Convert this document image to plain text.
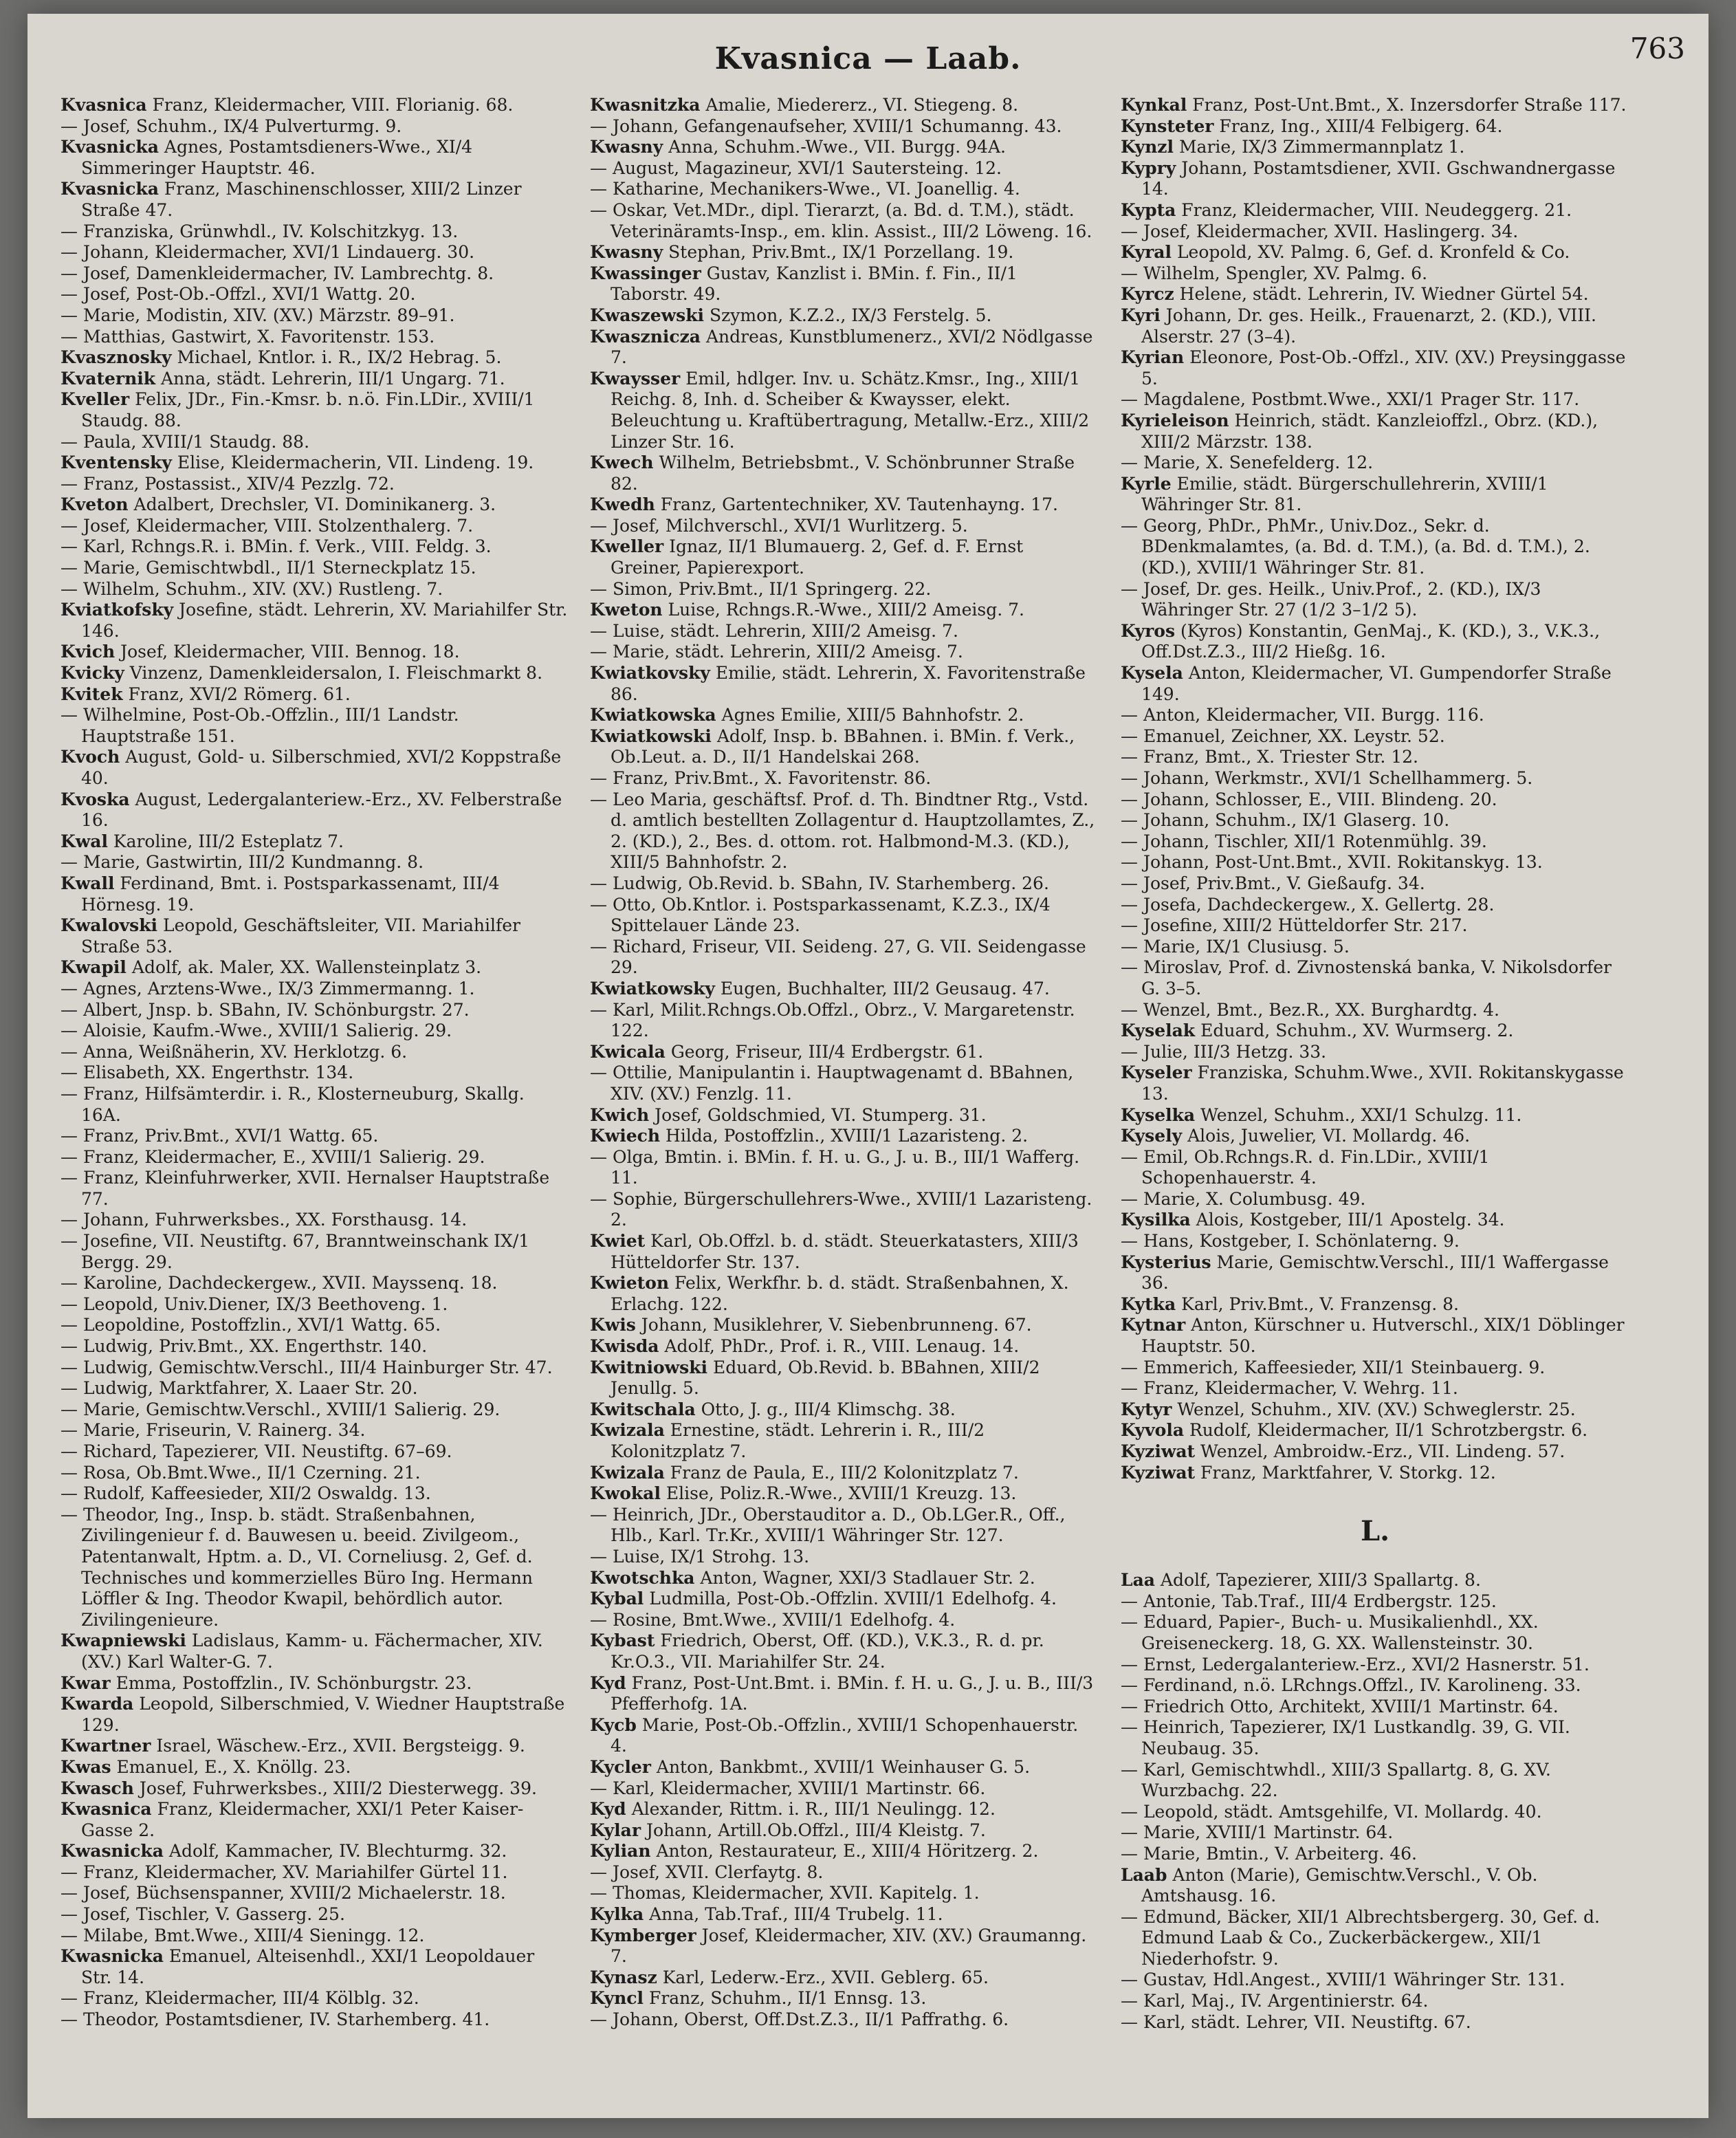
Kvasnica — Laab.	763

Kvasnica Franz, Kleidermacher, VIII. Florianig. 68.

— Josef, Schuhm., IX/4 Pulverturmg. 9.

Kvasnicka Agnes, Postamtsdieners-Wwe., XI/4 Simmeringer Hauptstr. 46.

Kvasnicka Franz, Maschinenschlosser, XIII/2 Linzer Straße 47.

— Franziska, Grünwhdl., IV. Kolschitzkyg. 13.

— Johann, Kleidermacher, XVI/1 Lindauerg. 30.

— Josef, Damenkleidermacher, IV. Lambrechtg. 8.

— Josef, Post-Ob.-Offzl., XVI/1 Wattg. 20.

— Marie, Modistin, XIV. (XV.) Märzstr. 89–91.

— Matthias, Gastwirt, X. Favoritenstr. 153.

Kvasznosky Michael, Kntlor. i. R., IX/2 Hebrag. 5.

Kvaternik Anna, städt. Lehrerin, III/1 Ungarg. 71.

Kveller Felix, JDr., Fin.-Kmsr. b. n.ö. Fin.LDir., XVIII/1 Staudg. 88.

— Paula, XVIII/1 Staudg. 88.

Kventensky Elise, Kleidermacherin, VII. Lindeng. 19.

— Franz, Postassist., XIV/4 Pezzlg. 72.

Kveton Adalbert, Drechsler, VI. Dominikanerg. 3.

— Josef, Kleidermacher, VIII. Stolzenthalerg. 7.

— Karl, Rchngs.R. i. BMin. f. Verk., VIII. Feldg. 3.

— Marie, Gemischtwbdl., II/1 Sterneckplatz 15.

— Wilhelm, Schuhm., XIV. (XV.) Rustleng. 7.

Kviatkofsky Josefine, städt. Lehrerin, XV. Mariahilfer Str. 146.

Kvich Josef, Kleidermacher, VIII. Bennog. 18.

Kvicky Vinzenz, Damenkleidersalon, I. Fleischmarkt 8.

Kvitek Franz, XVI/2 Römerg. 61.

— Wilhelmine, Post-Ob.-Offzlin., III/1 Landstr. Hauptstraße 151.

Kvoch August, Gold- u. Silberschmied, XVI/2 Koppstraße 40.

Kvoska August, Ledergalanteriew.-Erz., XV. Felberstraße 16.

Kwal Karoline, III/2 Esteplatz 7.

— Marie, Gastwirtin, III/2 Kundmanng. 8.

Kwall Ferdinand, Bmt. i. Postsparkassenamt, III/4 Hörnesg. 19.

Kwalovski Leopold, Geschäftsleiter, VII. Mariahilfer Straße 53.

Kwapil Adolf, ak. Maler, XX. Wallensteinplatz 3.

— Agnes, Arztens-Wwe., IX/3 Zimmermanng. 1.

— Albert, Jnsp. b. SBahn, IV. Schönburgstr. 27.

— Aloisie, Kaufm.-Wwe., XVIII/1 Salierig. 29.

— Anna, Weißnäherin, XV. Herklotzg. 6.

— Elisabeth, XX. Engerthstr. 134.

— Franz, Hilfsämterdir. i. R., Klosterneuburg, Skallg. 16A.

— Franz, Priv.Bmt., XVI/1 Wattg. 65.

— Franz, Kleidermacher, E., XVIII/1 Salierig. 29.

— Franz, Kleinfuhrwerker, XVII. Hernalser Hauptstraße 77.

— Johann, Fuhrwerksbes., XX. Forsthausg. 14.

— Josefine, VII. Neustiftg. 67, Branntweinschank IX/1 Bergg. 29.

— Karoline, Dachdeckergew., XVII. Mayssenq. 18.

— Leopold, Univ.Diener, IX/3 Beethoveng. 1.

— Leopoldine, Postoffzlin., XVI/1 Wattg. 65.

— Ludwig, Priv.Bmt., XX. Engerthstr. 140.

— Ludwig, Gemischtw.Verschl., III/4 Hainburger Str. 47.

— Ludwig, Marktfahrer, X. Laaer Str. 20.

— Marie, Gemischtw.Verschl., XVIII/1 Salierig. 29.

— Marie, Friseurin, V. Rainerg. 34.

— Richard, Tapezierer, VII. Neustiftg. 67–69.

— Rosa, Ob.Bmt.Wwe., II/1 Czerning. 21.

— Rudolf, Kaffeesieder, XII/2 Oswaldg. 13.

— Theodor, Ing., Insp. b. städt. Straßenbahnen, Zivilingenieur f. d. Bauwesen u. beeid. Zivilgeom., Patentanwalt, Hptm. a. D., VI. Corneliusg. 2, Gef. d. Technisches und kommerzielles Büro Ing. Hermann Löffler & Ing. Theodor Kwapil, behördlich autor. Zivilingenieure.

Kwapniewski Ladislaus, Kamm- u. Fächermacher, XIV. (XV.) Karl Walter-G. 7.

Kwar Emma, Postoffzlin., IV. Schönburgstr. 23.

Kwarda Leopold, Silberschmied, V. Wiedner Hauptstraße 129.

Kwartner Israel, Wäschew.-Erz., XVII. Bergsteigg. 9.

Kwas Emanuel, E., X. Knöllg. 23.

Kwasch Josef, Fuhrwerksbes., XIII/2 Diesterwegg. 39.

Kwasnica Franz, Kleidermacher, XXI/1 Peter Kaiser-Gasse 2.

Kwasnicka Adolf, Kammacher, IV. Blechturmg. 32.

— Franz, Kleidermacher, XV. Mariahilfer Gürtel 11.

— Josef, Büchsenspanner, XVIII/2 Michaelerstr. 18.

— Josef, Tischler, V. Gasserg. 25.

— Milabe, Bmt.Wwe., XIII/4 Sieningg. 12.

Kwasnicka Emanuel, Alteisenhdl., XXI/1 Leopoldauer Str. 14.

— Franz, Kleidermacher, III/4 Kölblg. 32.

— Theodor, Postamtsdiener, IV. Starhemberg. 41.

Kwasnitzka Amalie, Miedererz., VI. Stiegeng. 8.

— Johann, Gefangenaufseher, XVIII/1 Schumanng. 43.

Kwasny Anna, Schuhm.-Wwe., VII. Burgg. 94A.

— August, Magazineur, XVI/1 Sautersteing. 12.

— Katharine, Mechanikers-Wwe., VI. Joanellig. 4.

— Oskar, Vet.MDr., dipl. Tierarzt, (a. Bd. d. T.M.), städt. Veterinäramts-Insp., em. klin. Assist., III/2 Löweng. 16.

Kwasny Stephan, Priv.Bmt., IX/1 Porzellang. 19.

Kwassinger Gustav, Kanzlist i. BMin. f. Fin., II/1 Taborstr. 49.

Kwaszewski Szymon, K.Z.2., IX/3 Ferstelg. 5.

Kwasznicza Andreas, Kunstblumenerz., XVI/2 Nödlgasse 7.

Kwaysser Emil, hdlger. Inv. u. Schätz.Kmsr., Ing., XIII/1 Reichg. 8, Inh. d. Scheiber & Kwaysser, elekt. Beleuchtung u. Kraftübertragung, Metallw.-Erz., XIII/2 Linzer Str. 16.

Kwech Wilhelm, Betriebsbmt., V. Schönbrunner Straße 82.

Kwedh Franz, Gartentechniker, XV. Tautenhayng. 17.

— Josef, Milchverschl., XVI/1 Wurlitzerg. 5.

Kweller Ignaz, II/1 Blumauerg. 2, Gef. d. F. Ernst Greiner, Papierexport.

— Simon, Priv.Bmt., II/1 Springerg. 22.

Kweton Luise, Rchngs.R.-Wwe., XIII/2 Ameisg. 7.

— Luise, städt. Lehrerin, XIII/2 Ameisg. 7.

— Marie, städt. Lehrerin, XIII/2 Ameisg. 7.

Kwiatkovsky Emilie, städt. Lehrerin, X. Favoritenstraße 86.

Kwiatkowska Agnes Emilie, XIII/5 Bahnhofstr. 2.

Kwiatkowski Adolf, Insp. b. BBahnen. i. BMin. f. Verk., Ob.Leut. a. D., II/1 Handelskai 268.

— Franz, Priv.Bmt., X. Favoritenstr. 86.

— Leo Maria, geschäftsf. Prof. d. Th. Bindtner Rtg., Vstd. d. amtlich bestellten Zollagentur d. Hauptzollamtes, Z., 2. (KD.), 2., Bes. d. ottom. rot. Halbmond-M.3. (KD.), XIII/5 Bahnhofstr. 2.

— Ludwig, Ob.Revid. b. SBahn, IV. Starhemberg. 26.

— Otto, Ob.Kntlor. i. Postsparkassenamt, K.Z.3., IX/4 Spittelauer Lände 23.

— Richard, Friseur, VII. Seideng. 27, G. VII. Seidengasse 29.

Kwiatkowsky Eugen, Buchhalter, III/2 Geusaug. 47.

— Karl, Milit.Rchngs.Ob.Offzl., Obrz., V. Margaretenstr. 122.

Kwicala Georg, Friseur, III/4 Erdbergstr. 61.

— Ottilie, Manipulantin i. Hauptwagenamt d. BBahnen, XIV. (XV.) Fenzlg. 11.

Kwich Josef, Goldschmied, VI. Stumperg. 31.

Kwiech Hilda, Postoffzlin., XVIII/1 Lazaristeng. 2.

— Olga, Bmtin. i. BMin. f. H. u. G., J. u. B., III/1 Wafferg. 11.

— Sophie, Bürgerschullehrers-Wwe., XVIII/1 Lazaristeng. 2.

Kwiet Karl, Ob.Offzl. b. d. städt. Steuerkatasters, XIII/3 Hütteldorfer Str. 137.

Kwieton Felix, Werkfhr. b. d. städt. Straßenbahnen, X. Erlachg. 122.

Kwis Johann, Musiklehrer, V. Siebenbrunneng. 67.

Kwisda Adolf, PhDr., Prof. i. R., VIII. Lenaug. 14.

Kwitniowski Eduard, Ob.Revid. b. BBahnen, XIII/2 Jenullg. 5.

Kwitschala Otto, J. g., III/4 Klimschg. 38.

Kwizala Ernestine, städt. Lehrerin i. R., III/2 Kolonitzplatz 7.

Kwizala Franz de Paula, E., III/2 Kolonitzplatz 7.

Kwokal Elise, Poliz.R.-Wwe., XVIII/1 Kreuzg. 13.

— Heinrich, JDr., Oberstauditor a. D., Ob.LGer.R., Off., Hlb., Karl. Tr.Kr., XVIII/1 Währinger Str. 127.

— Luise, IX/1 Strohg. 13.

Kwotschka Anton, Wagner, XXI/3 Stadlauer Str. 2.

Kybal Ludmilla, Post-Ob.-Offzlin. XVIII/1 Edelhofg. 4.

— Rosine, Bmt.Wwe., XVIII/1 Edelhofg. 4.

Kybast Friedrich, Oberst, Off. (KD.), V.K.3., R. d. pr. Kr.O.3., VII. Mariahilfer Str. 24.

Kyd Franz, Post-Unt.Bmt. i. BMin. f. H. u. G., J. u. B., III/3 Pfefferhofg. 1A.

Kycb Marie, Post-Ob.-Offzlin., XVIII/1 Schopenhauerstr. 4.

Kycler Anton, Bankbmt., XVIII/1 Weinhauser G. 5.

— Karl, Kleidermacher, XVIII/1 Martinstr. 66.

Kyd Alexander, Rittm. i. R., III/1 Neulingg. 12.

Kylar Johann, Artill.Ob.Offzl., III/4 Kleistg. 7.

Kylian Anton, Restaurateur, E., XIII/4 Höritzerg. 2.

— Josef, XVII. Clerfaytg. 8.

— Thomas, Kleidermacher, XVII. Kapitelg. 1.

Kylka Anna, Tab.Traf., III/4 Trubelg. 11.

Kymberger Josef, Kleidermacher, XIV. (XV.) Graumanng. 7.

Kynasz Karl, Lederw.-Erz., XVII. Geblerg. 65.

Kyncl Franz, Schuhm., II/1 Ennsg. 13.

— Johann, Oberst, Off.Dst.Z.3., II/1 Paffrathg. 6.

Kynkal Franz, Post-Unt.Bmt., X. Inzersdorfer Straße 117.

Kynsteter Franz, Ing., XIII/4 Felbigerg. 64.

Kynzl Marie, IX/3 Zimmermannplatz 1.

Kypry Johann, Postamtsdiener, XVII. Gschwandnergasse 14.

Kypta Franz, Kleidermacher, VIII. Neudeggerg. 21.

— Josef, Kleidermacher, XVII. Haslingerg. 34.

Kyral Leopold, XV. Palmg. 6, Gef. d. Kronfeld & Co.

— Wilhelm, Spengler, XV. Palmg. 6.

Kyrcz Helene, städt. Lehrerin, IV. Wiedner Gürtel 54.

Kyri Johann, Dr. ges. Heilk., Frauenarzt, 2. (KD.), VIII. Alserstr. 27 (3–4).

Kyrian Eleonore, Post-Ob.-Offzl., XIV. (XV.) Preysinggasse 5.

— Magdalene, Postbmt.Wwe., XXI/1 Prager Str. 117.

Kyrieleison Heinrich, städt. Kanzleioffzl., Obrz. (KD.), XIII/2 Märzstr. 138.

— Marie, X. Senefelderg. 12.

Kyrle Emilie, städt. Bürgerschullehrerin, XVIII/1 Währinger Str. 81.

— Georg, PhDr., PhMr., Univ.Doz., Sekr. d. BDenkmalamtes, (a. Bd. d. T.M.), (a. Bd. d. T.M.), 2. (KD.), XVIII/1 Währinger Str. 81.

— Josef, Dr. ges. Heilk., Univ.Prof., 2. (KD.), IX/3 Währinger Str. 27 (1/2 3–1/2 5).

Kyros (Kyros) Konstantin, GenMaj., K. (KD.), 3., V.K.3., Off.Dst.Z.3., III/2 Hießg. 16.

Kysela Anton, Kleidermacher, VI. Gumpendorfer Straße 149.

— Anton, Kleidermacher, VII. Burgg. 116.

— Emanuel, Zeichner, XX. Leystr. 52.

— Franz, Bmt., X. Triester Str. 12.

— Johann, Werkmstr., XVI/1 Schellhammerg. 5.

— Johann, Schlosser, E., VIII. Blindeng. 20.

— Johann, Schuhm., IX/1 Glaserg. 10.

— Johann, Tischler, XII/1 Rotenmühlg. 39.

— Johann, Post-Unt.Bmt., XVII. Rokitanskyg. 13.

— Josef, Priv.Bmt., V. Gießaufg. 34.

— Josefa, Dachdeckergew., X. Gellertg. 28.

— Josefine, XIII/2 Hütteldorfer Str. 217.

— Marie, IX/1 Clusiusg. 5.

— Miroslav, Prof. d. Zivnostenská banka, V. Nikolsdorfer G. 3–5.

— Wenzel, Bmt., Bez.R., XX. Burghardtg. 4.

Kyselak Eduard, Schuhm., XV. Wurmserg. 2.

— Julie, III/3 Hetzg. 33.

Kyseler Franziska, Schuhm.Wwe., XVII. Rokitanskygasse 13.

Kyselka Wenzel, Schuhm., XXI/1 Schulzg. 11.

Kysely Alois, Juwelier, VI. Mollardg. 46.

— Emil, Ob.Rchngs.R. d. Fin.LDir., XVIII/1 Schopenhauerstr. 4.

— Marie, X. Columbusg. 49.

Kysilka Alois, Kostgeber, III/1 Apostelg. 34.

— Hans, Kostgeber, I. Schönlaterng. 9.

Kysterius Marie, Gemischtw.Verschl., III/1 Waffergasse 36.

Kytka Karl, Priv.Bmt., V. Franzensg. 8.

Kytnar Anton, Kürschner u. Hutverschl., XIX/1 Döblinger Hauptstr. 50.

— Emmerich, Kaffeesieder, XII/1 Steinbauerg. 9.

— Franz, Kleidermacher, V. Wehrg. 11.

Kytyr Wenzel, Schuhm., XIV. (XV.) Schweglerstr. 25.

Kyvola Rudolf, Kleidermacher, II/1 Schrotzbergstr. 6.

Kyziwat Wenzel, Ambroidw.-Erz., VII. Lindeng. 57.

Kyziwat Franz, Marktfahrer, V. Storkg. 12.

L.

Laa Adolf, Tapezierer, XIII/3 Spallartg. 8.

— Antonie, Tab.Traf., III/4 Erdbergstr. 125.

— Eduard, Papier-, Buch- u. Musikalienhdl., XX. Greiseneckerg. 18, G. XX. Wallensteinstr. 30.

— Ernst, Ledergalanteriew.-Erz., XVI/2 Hasnerstr. 51.

— Ferdinand, n.ö. LRchngs.Offzl., IV. Karolineng. 33.

— Friedrich Otto, Architekt, XVIII/1 Martinstr. 64.

— Heinrich, Tapezierer, IX/1 Lustkandlg. 39, G. VII. Neubaug. 35.

— Karl, Gemischtwhdl., XIII/3 Spallartg. 8, G. XV. Wurzbachg. 22.

— Leopold, städt. Amtsgehilfe, VI. Mollardg. 40.

— Marie, XVIII/1 Martinstr. 64.

— Marie, Bmtin., V. Arbeiterg. 46.

Laab Anton (Marie), Gemischtw.Verschl., V. Ob. Amtshausg. 16.

— Edmund, Bäcker, XII/1 Albrechtsbergerg. 30, Gef. d. Edmund Laab & Co., Zuckerbäckergew., XII/1 Niederhofstr. 9.

— Gustav, Hdl.Angest., XVIII/1 Währinger Str. 131.

— Karl, Maj., IV. Argentinierstr. 64.

— Karl, städt. Lehrer, VII. Neustiftg. 67.
